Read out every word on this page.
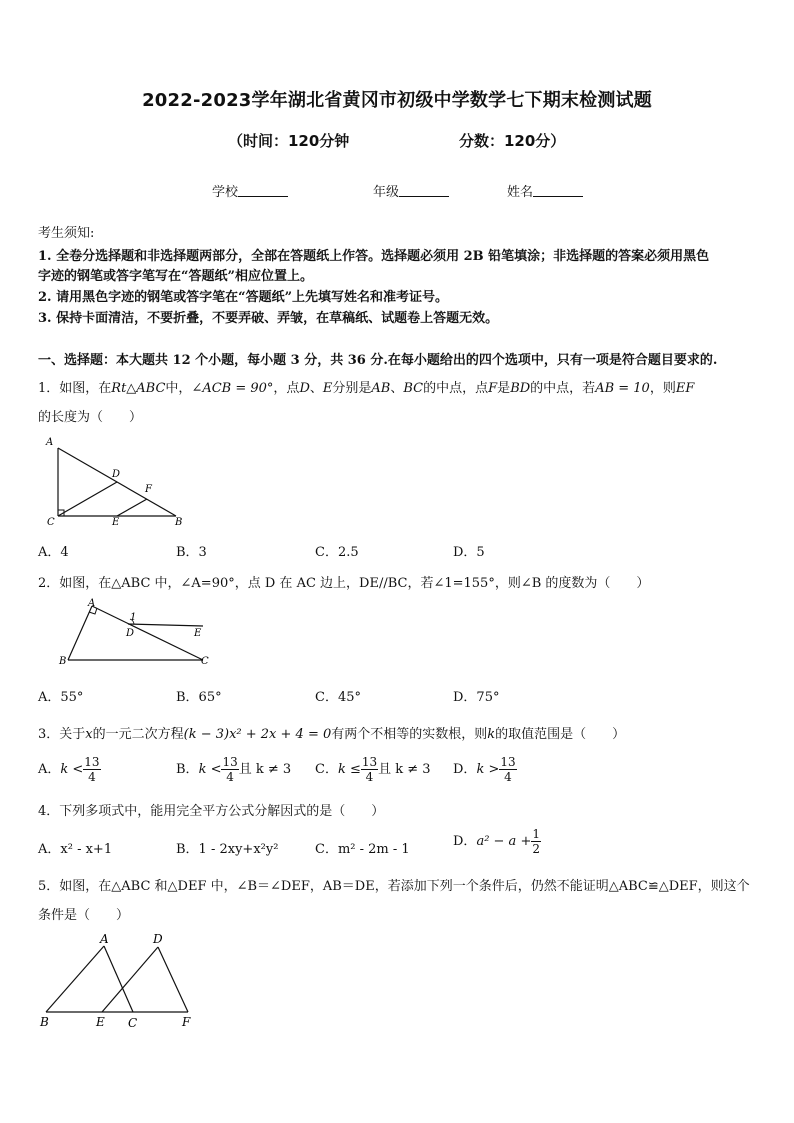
2022-2023学年湖北省黄冈市初级中学数学七下期末检测试题
（时间：120分钟	分数：120分）
学校	年级	姓名
考生须知:
1. 全卷分选择题和非选择题两部分，全部在答题纸上作答。选择题必须用 2B 铅笔填涂；非选择题的答案必须用黑色
字迹的钢笔或答字笔写在“答题纸”相应位置上。
2. 请用黑色字迹的钢笔或答字笔在“答题纸”上先填写姓名和准考证号。
3. 保持卡面清洁，不要折叠，不要弄破、弄皱，在草稿纸、试题卷上答题无效。
一、选择题：本大题共 12 个小题，每小题 3 分，共 36 分.在每小题给出的四个选项中，只有一项是符合题目要求的.
1．如图，在Rt△ABC中，∠ACB = 90°，点D、E分别是AB、BC的中点，点F是BD的中点，若AB = 10，则EF
的长度为（　　）
A
D
F
C	E	B
A．4	B．3	C．2.5	D．5
2．如图，在△ABC 中，∠A=90°，点 D 在 AC 边上，DE//BC，若∠1=155°，则∠B 的度数为（　　）
A
1
D	E
B	C
A．55°	B．65°	C．45°	D．75°
3．关于x的一元二次方程(k − 3)x² + 2x + 4 = 0有两个不相等的实数根，则k的取值范围是（　　）
A．$k < \frac{13}{4}$	B．$k < \frac{13}{4}$ 且 k ≠ 3 C．$k \le \frac{13}{4}$ 且 k ≠ 3 D．$k > \frac{13}{4}$
4．下列多项式中，能用完全平方公式分解因式的是（　　）
A．x² - x+1	B．1 - 2xy+x²y²	C．m² - 2m - 1
D．$a^2 - a + \frac{1}{2}$
5．如图，在△ABC 和△DEF 中，∠B＝∠DEF，AB＝DE，若添加下列一个条件后，仍然不能证明△ABC≌△DEF，则这个
条件是（　　）
A	D
B	E C	F
